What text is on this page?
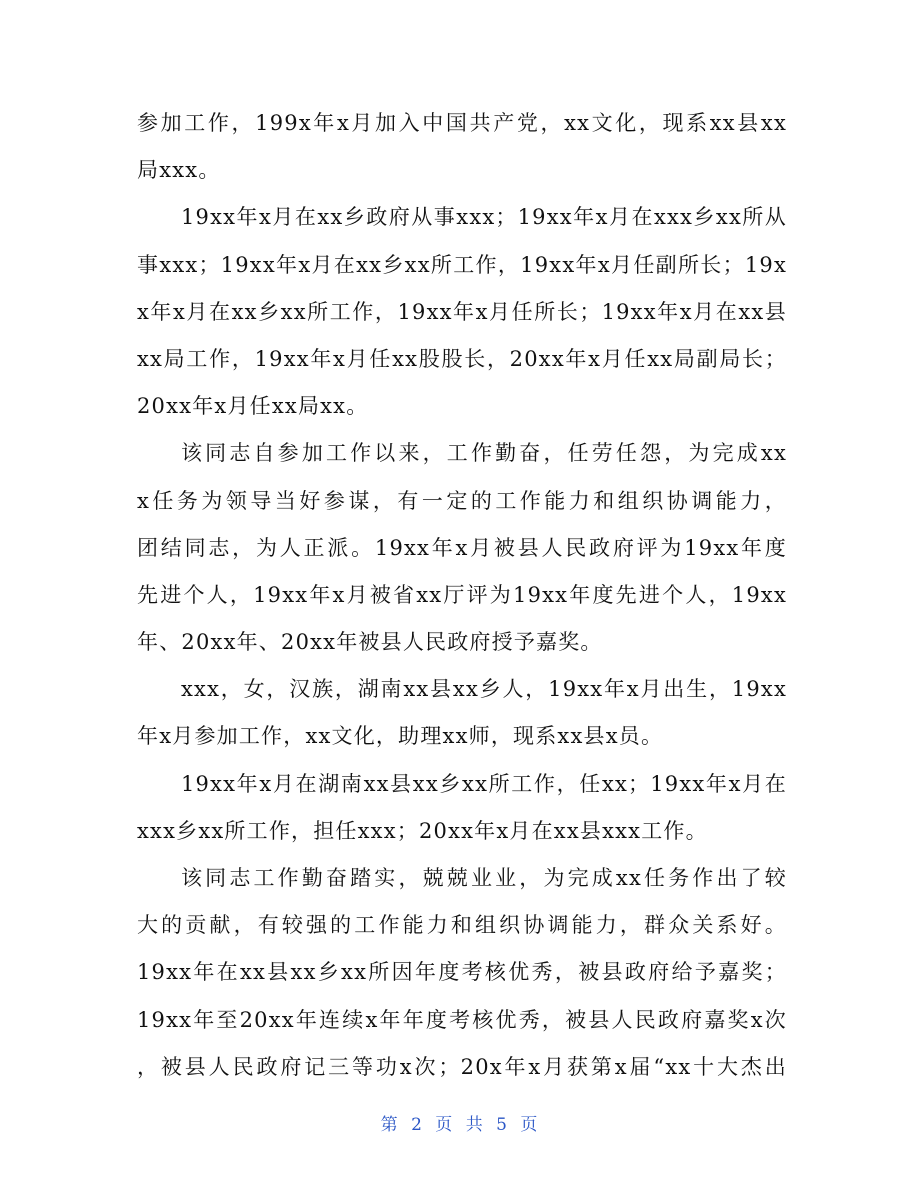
参加工作，199x年x月加入中国共产党，xx文化，现系xx县xx
局xxx。
19xx年x月在xx乡政府从事xxx；19xx年x月在xxx乡xx所从
事xxx；19xx年x月在xx乡xx所工作，19xx年x月任副所长；19x
x年x月在xx乡xx所工作，19xx年x月任所长；19xx年x月在xx县
xx局工作，19xx年x月任xx股股长，20xx年x月任xx局副局长；
20xx年x月任xx局xx。
该同志自参加工作以来，工作勤奋，任劳任怨，为完成xx
x任务为领导当好参谋，有一定的工作能力和组织协调能力，
团结同志，为人正派。19xx年x月被县人民政府评为19xx年度
先进个人，19xx年x月被省xx厅评为19xx年度先进个人，19xx
年、20xx年、20xx年被县人民政府授予嘉奖。
xxx，女，汉族，湖南xx县xx乡人，19xx年x月出生，19xx
年x月参加工作，xx文化，助理xx师，现系xx县x员。
19xx年x月在湖南xx县xx乡xx所工作，任xx；19xx年x月在
xxx乡xx所工作，担任xxx；20xx年x月在xx县xxx工作。
该同志工作勤奋踏实，兢兢业业，为完成xx任务作出了较
大的贡献，有较强的工作能力和组织协调能力，群众关系好。
19xx年在xx县xx乡xx所因年度考核优秀，被县政府给予嘉奖；
19xx年至20xx年连续x年年度考核优秀，被县人民政府嘉奖x次
，被县人民政府记三等功x次；20x年x月获第x届“xx十大杰出
第 2 页 共 5 页
